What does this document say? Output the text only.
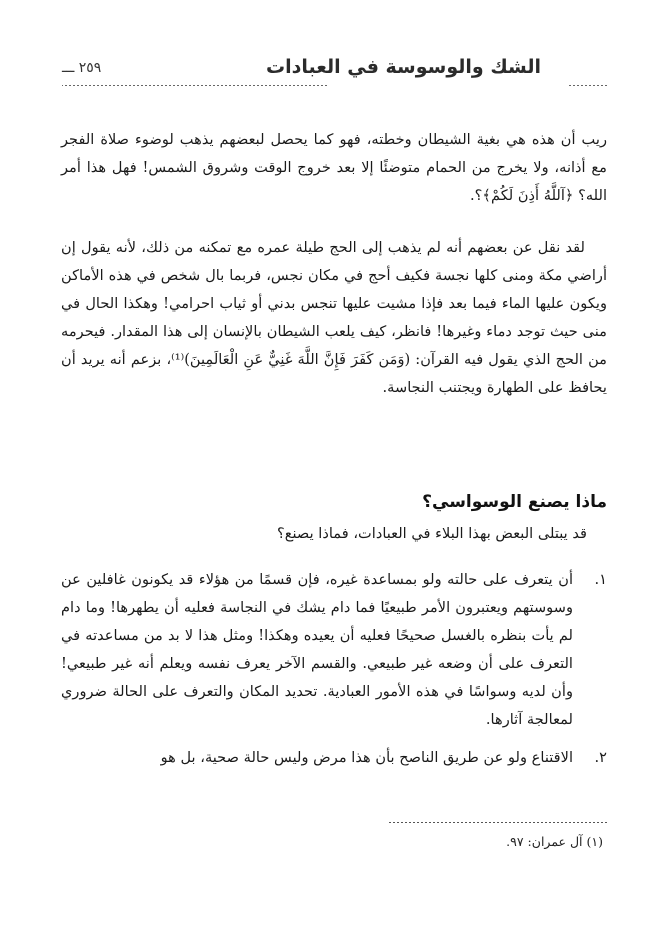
الشك والوسوسة في العبادات
٢٥٩ ـــ

ريب أن هذه هي بغية الشيطان وخطته، فهو كما يحصل لبعضهم يذهب لوضوء صلاة الفجر مع أذانه، ولا يخرج من الحمام متوضئًا إلا بعد خروج الوقت وشروق الشمس! فهل هذا أمر الله؟ ﴿آللَّهُ أَذِنَ لَكُمْ﴾؟.

لقد نقل عن بعضهم أنه لم يذهب إلى الحج طيلة عمره مع تمكنه من ذلك، لأنه يقول إن أراضي مكة ومنى كلها نجسة فكيف أحج في مكان نجس، فربما بال شخص في هذه الأماكن ويكون عليها الماء فيما بعد فإذا مشيت عليها تنجس بدني أو ثياب احرامي! وهكذا الحال في منى حيث توجد دماء وغيرها! فانظر، كيف يلعب الشيطان بالإنسان إلى هذا المقدار. فيحرمه من الحج الذي يقول فيه القرآن: (وَمَن كَفَرَ فَإِنَّ اللَّهَ غَنِيٌّ عَنِ الْعَالَمِينَ)⁽¹⁾، بزعم أنه يريد أن يحافظ على الطهارة ويجتنب النجاسة.

ماذا يصنع الوسواسي؟
قد يبتلى البعض بهذا البلاء في العبادات، فماذا يصنع؟
١.
أن يتعرف على حالته ولو بمساعدة غيره، فإن قسمًا من هؤلاء قد يكونون غافلين عن وسوستهم ويعتبرون الأمر طبيعيًا فما دام يشك في النجاسة فعليه أن يطهرها! وما دام لم يأت بنظره بالغسل صحيحًا فعليه أن يعيده وهكذا! ومثل هذا لا بد من مساعدته في التعرف على أن وضعه غير طبيعي. والقسم الآخر يعرف نفسه ويعلم أنه غير طبيعي! وأن لديه وسواسًا في هذه الأمور العبادية. تحديد المكان والتعرف على الحالة ضروري لمعالجة آثارها.
٢.
الاقتناع ولو عن طريق الناصح بأن هذا مرض وليس حالة صحية، بل هو
(١) آل عمران: ٩٧.
